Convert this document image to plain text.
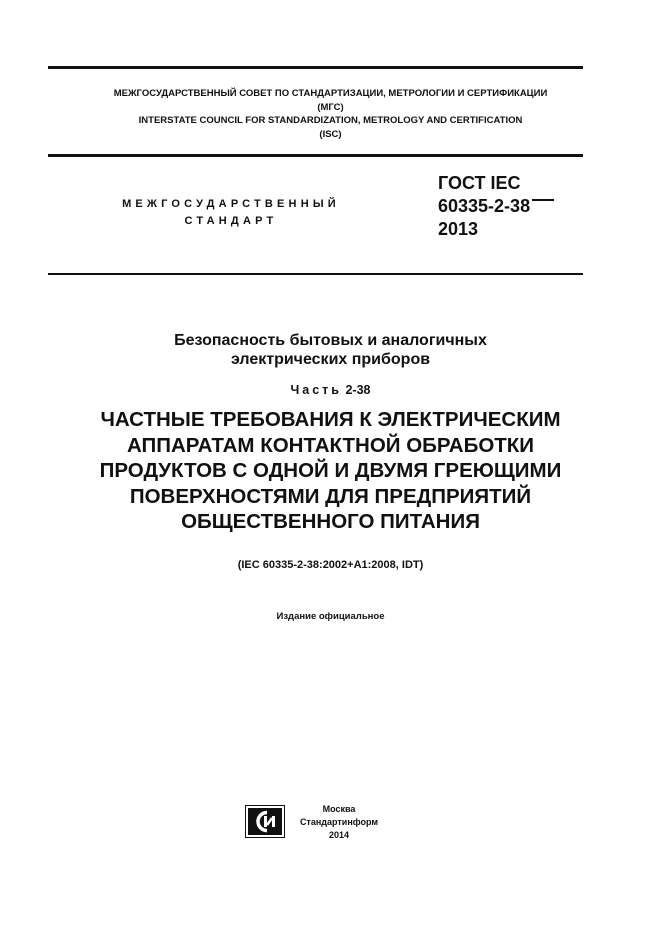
МЕЖГОСУДАРСТВЕННЫЙ СОВЕТ ПО СТАНДАРТИЗАЦИИ, МЕТРОЛОГИИ И СЕРТИФИКАЦИИ
(МГС)
INTERSTATE COUNCIL FOR STANDARDIZATION, METROLOGY AND CERTIFICATION
(ISC)
МЕЖГОСУДАРСТВЕННЫЙ
СТАНДАРТ
ГОСТ IEC
60335-2-38
2013
Безопасность бытовых и аналогичных
электрических приборов
Часть 2-38
ЧАСТНЫЕ ТРЕБОВАНИЯ К ЭЛЕКТРИЧЕСКИМ
АППАРАТАМ КОНТАКТНОЙ ОБРАБОТКИ
ПРОДУКТОВ С ОДНОЙ И ДВУМЯ ГРЕЮЩИМИ
ПОВЕРХНОСТЯМИ ДЛЯ ПРЕДПРИЯТИЙ
ОБЩЕСТВЕННОГО ПИТАНИЯ
(IEC 60335-2-38:2002+A1:2008, IDT)
Издание официальное
Москва
Стандартинформ
2014
